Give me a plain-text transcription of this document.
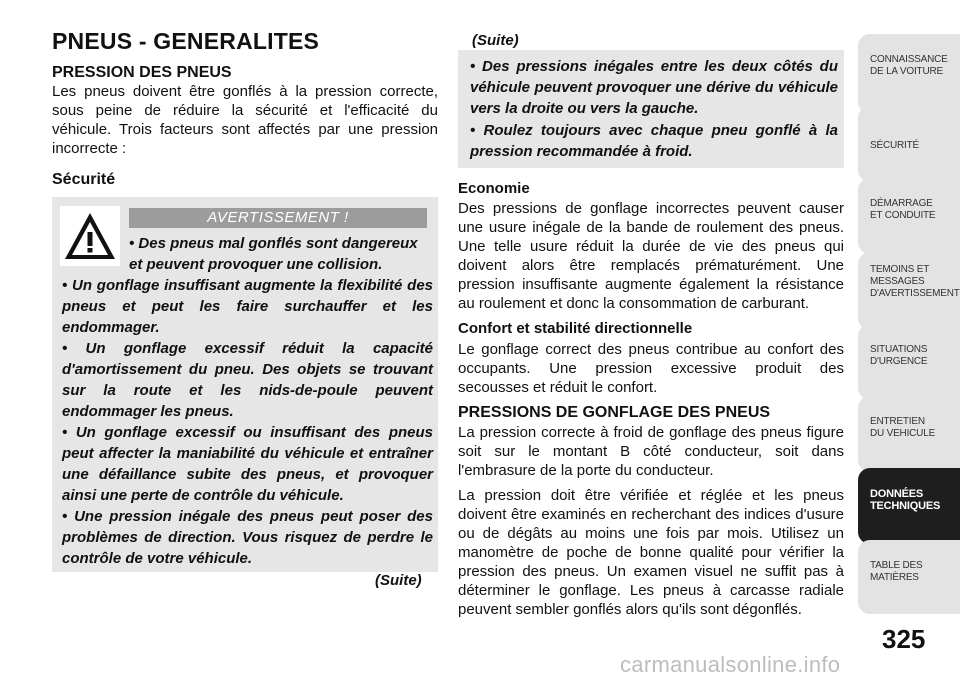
PNEUS - GENERALITES
PRESSION DES PNEUS

Les pneus doivent être gonflés à la pression correcte, sous peine de réduire la sécurité et l'efficacité du véhicule. Trois facteurs sont affectés par une pression incorrecte :

Sécurité
AVERTISSEMENT !

• Des pneus mal gonflés sont dangereux et peuvent provoquer une collision.

• Un gonflage insuffisant augmente la flexibilité des pneus et peut les faire surchauffer et les endommager.

• Un gonflage excessif réduit la capacité d'amortissement du pneu. Des objets se trouvant sur la route et les nids-de-poule peuvent endommager les pneus.

• Un gonflage excessif ou insuffisant des pneus peut affecter la maniabilité du véhicule et entraîner une défaillance subite des pneus, et provoquer ainsi une perte de contrôle du véhicule.

• Une pression inégale des pneus peut poser des problèmes de direction. Vous risquez de perdre le contrôle de votre véhicule.

(Suite)
(Suite)

• Des pressions inégales entre les deux côtés du véhicule peuvent provoquer une dérive du véhicule vers la droite ou vers la gauche.

• Roulez toujours avec chaque pneu gonflé à la pression recommandée à froid.

Economie

Des pressions de gonflage incorrectes peuvent causer une usure inégale de la bande de roulement des pneus. Une telle usure réduit la durée de vie des pneus qui doivent alors être remplacés prématurément. Une pression insuffisante augmente également la résistance au roulement et donc la consommation de carburant.

Confort et stabilité directionnelle

Le gonflage correct des pneus contribue au confort des occupants. Une pression excessive produit des secousses et réduit le confort.

PRESSIONS DE GONFLAGE DES PNEUS

La pression correcte à froid de gonflage des pneus figure soit sur le montant B côté conducteur, soit dans l'embrasure de la porte du conducteur.

La pression doit être vérifiée et réglée et les pneus doivent être examinés en recherchant des indices d'usure ou de dégâts au moins une fois par mois. Utilisez un manomètre de poche de bonne qualité pour vérifier la pression des pneus. Un examen visuel ne suffit pas à déterminer le gonflage. Les pneus à carcasse radiale peuvent sembler gonflés alors qu'ils sont dégonflés.

CONNAISSANCE
DE LA VOITURE
SÉCURITÉ
DÉMARRAGE
ET CONDUITE
TEMOINS ET
MESSAGES
D'AVERTISSEMENT
SITUATIONS
D'URGENCE
ENTRETIEN
DU VEHICULE
DONNÉES
TECHNIQUES
TABLE DES
MATIÈRES
325
carmanualsonline.info
